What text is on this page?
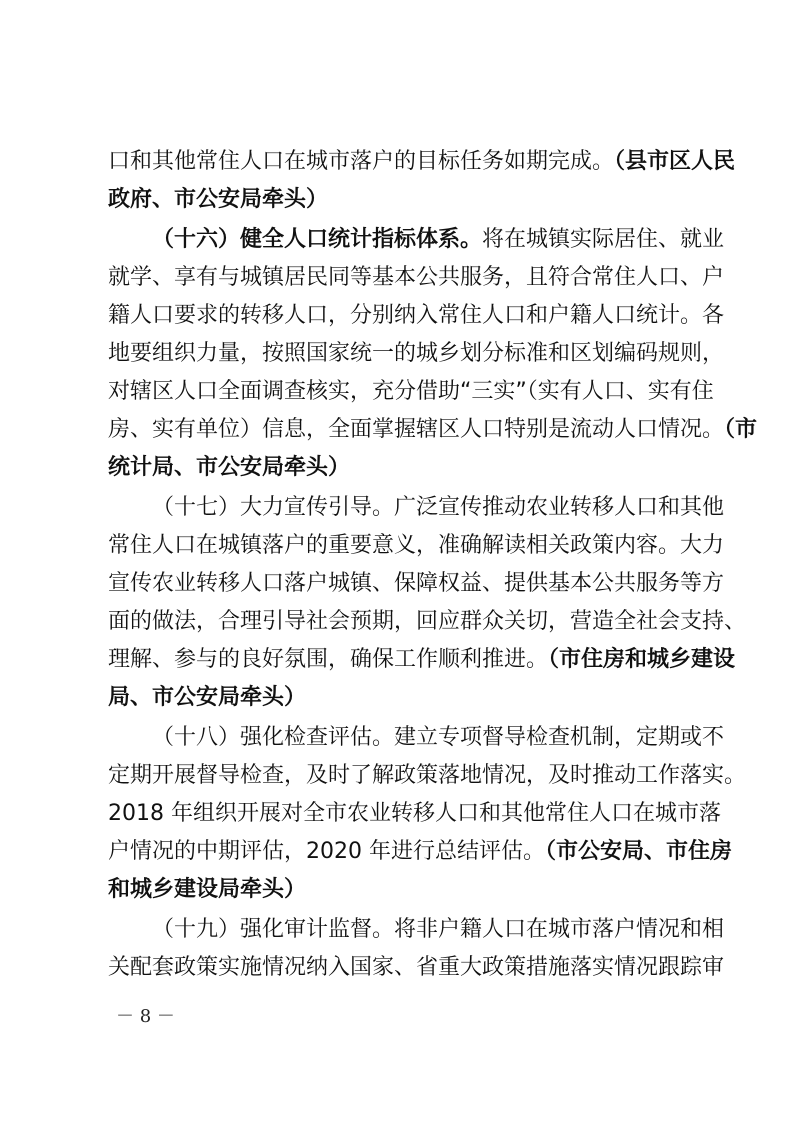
口和其他常住人口在城市落户的目标任务如期完成。（县市区人民
政府、市公安局牵头）
（十六）健全人口统计指标体系。将在城镇实际居住、就业
就学、享有与城镇居民同等基本公共服务，且符合常住人口、户
籍人口要求的转移人口，分别纳入常住人口和户籍人口统计。各
地要组织力量，按照国家统一的城乡划分标准和区划编码规则，
对辖区人口全面调查核实，充分借助“三实”（实有人口、实有住
房、实有单位）信息，全面掌握辖区人口特别是流动人口情况。（市
统计局、市公安局牵头）
（十七）大力宣传引导。广泛宣传推动农业转移人口和其他
常住人口在城镇落户的重要意义，准确解读相关政策内容。大力
宣传农业转移人口落户城镇、保障权益、提供基本公共服务等方
面的做法，合理引导社会预期，回应群众关切，营造全社会支持、
理解、参与的良好氛围，确保工作顺利推进。（市住房和城乡建设
局、市公安局牵头）
（十八）强化检查评估。建立专项督导检查机制，定期或不
定期开展督导检查，及时了解政策落地情况，及时推动工作落实。
2018 年组织开展对全市农业转移人口和其他常住人口在城市落
户情况的中期评估，2020 年进行总结评估。（市公安局、市住房
和城乡建设局牵头）
（十九）强化审计监督。将非户籍人口在城市落户情况和相
关配套政策实施情况纳入国家、省重大政策措施落实情况跟踪审
－ 8 －
